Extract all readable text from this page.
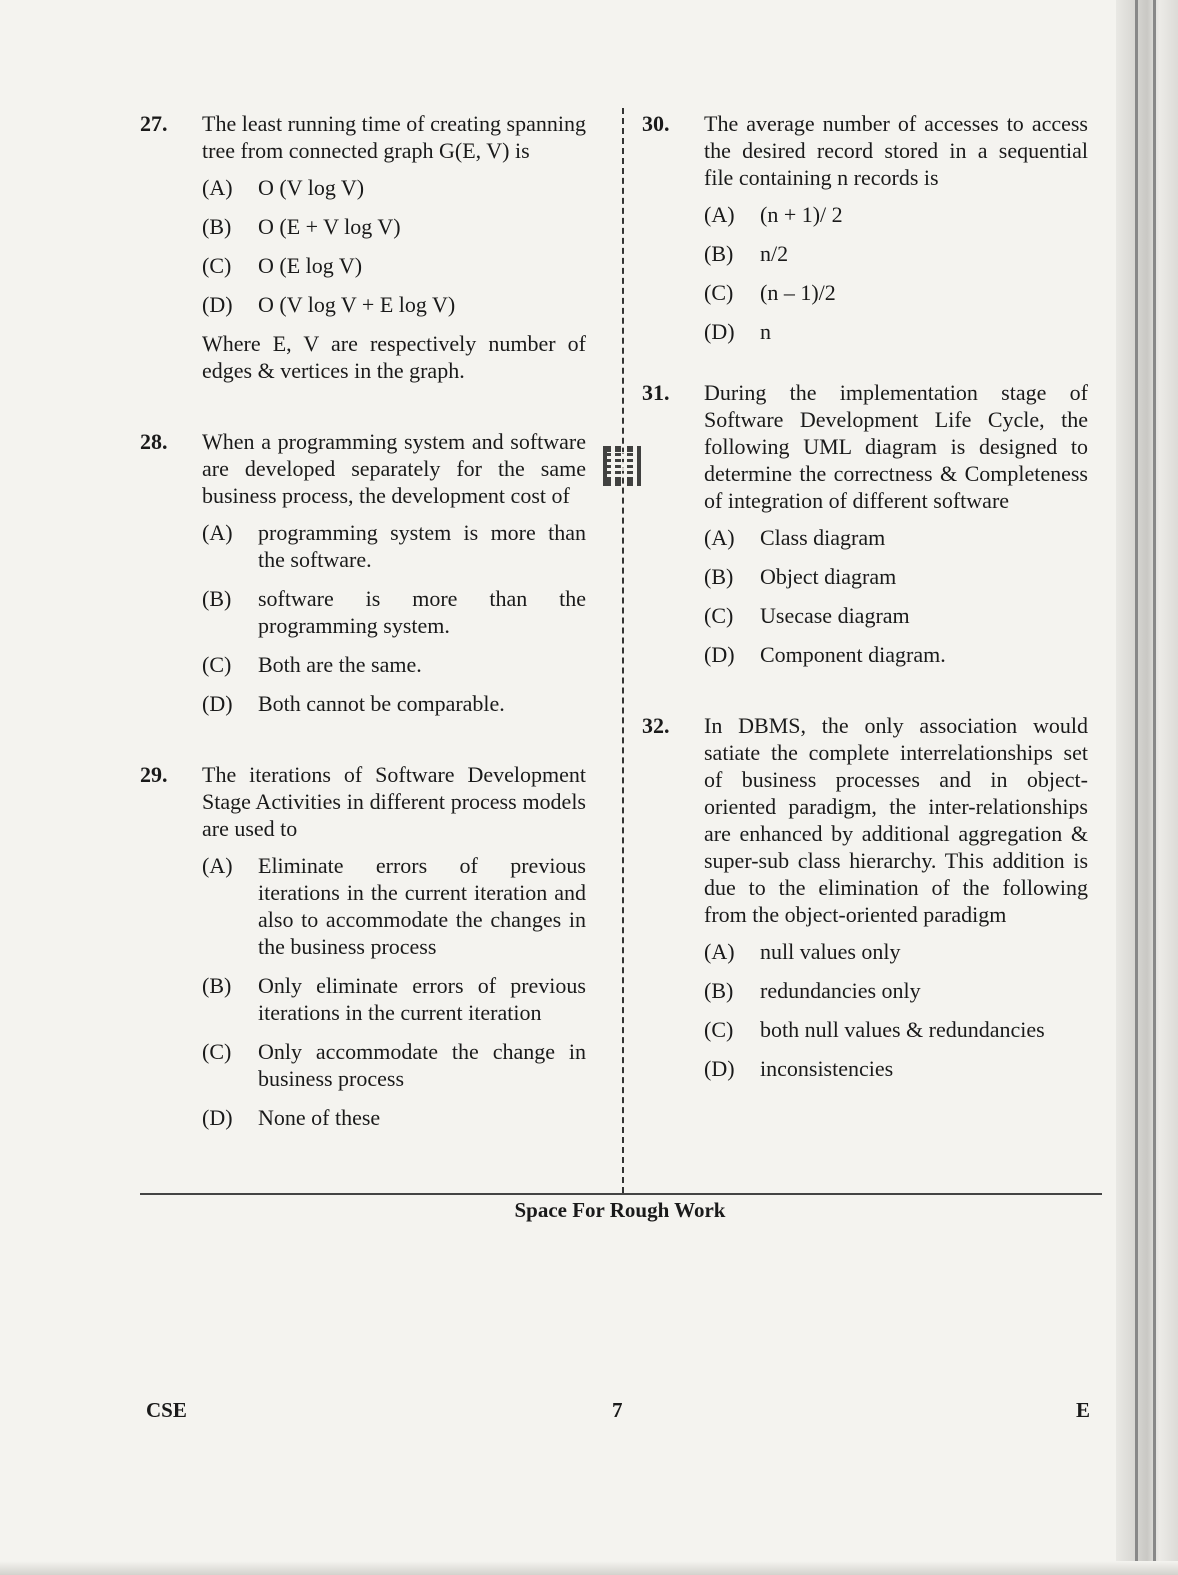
27. The least running time of creating spanning tree from connected graph G(E, V) is
(A)	O (V log V)
(B)	O (E + V log V)
(C)	O (E log V)
(D)	O (V log V + E log V)
Where E, V are respectively number of edges & vertices in the graph.
28. When a programming system and software are developed separately for the same business process, the development cost of
(A)	programming system is more than the software.
(B)	software is more than the programming system.
(C)	Both are the same.
(D)	Both cannot be comparable.
29. The iterations of Software Development Stage Activities in different process models are used to
(A)	Eliminate errors of previous iterations in the current iteration and also to accommodate the changes in the business process
(B)	Only eliminate errors of previous iterations in the current iteration
(C)	Only accommodate the change in business process
(D)	None of these
30. The average number of accesses to access the desired record stored in a sequential file containing n records is
(A)	(n + 1)/ 2
(B)	n/2
(C)	(n – 1)/2
(D)	n
31. During the implementation stage of Software Development Life Cycle, the following UML diagram is designed to determine the correctness & Completeness of integration of different software
(A)	Class diagram
(B)	Object diagram
(C)	Usecase diagram
(D)	Component diagram.
32. In DBMS, the only association would satiate the complete interrelationships set of business processes and in object-oriented paradigm, the inter-relationships are enhanced by additional aggregation & super-sub class hierarchy. This addition is due to the elimination of the following from the object-oriented paradigm
(A)	null values only
(B)	redundancies only
(C)	both null values & redundancies
(D)	inconsistencies
Space For Rough Work
CSE	7	E
